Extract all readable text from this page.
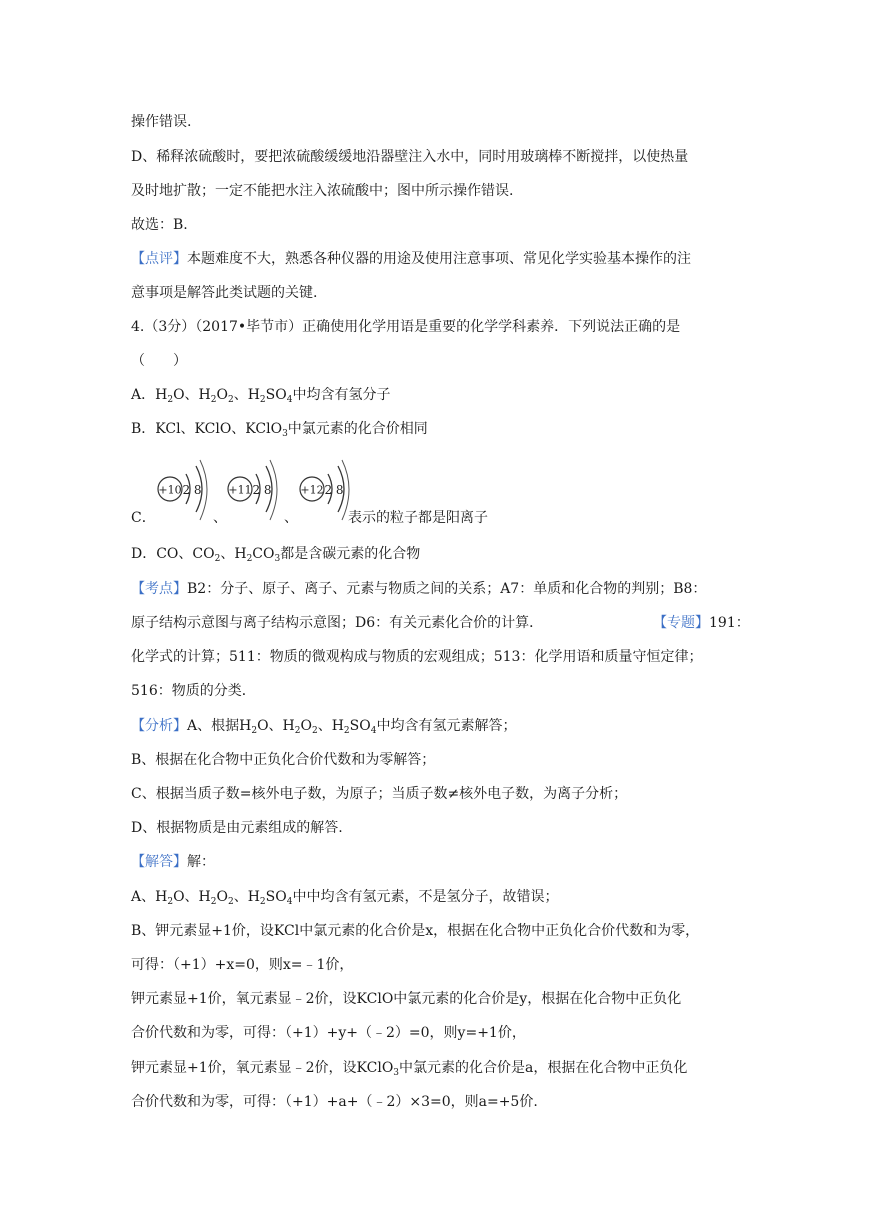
操作错误.
D、稀释浓硫酸时，要把浓硫酸缓缓地沿器壁注入水中，同时用玻璃棒不断搅拌，以使热量
及时地扩散；一定不能把水注入浓硫酸中；图中所示操作错误.
故选：B.
【点评】本题难度不大，熟悉各种仪器的用途及使用注意事项、常见化学实验基本操作的注
意事项是解答此类试题的关键.
4.（3分）（2017•毕节市）正确使用化学用语是重要的化学学科素养．下列说法正确的是
（　　）
A．$H_2O$、$H_2O_2$、$H_2SO_4$中均含有氢分子
B．KCl、KClO、KClO$_3$中氯元素的化合价相同
C．	、	、	表示的粒子都是阳离子
+10 2 8 +11 2 8	+12 2 8
D．CO、$CO_2$、$H_2CO_3$都是含碳元素的化合物
【考点】B2：分子、原子、离子、元素与物质之间的关系；A7：单质和化合物的判别；B8：
原子结构示意图与离子结构示意图；D6：有关元素化合价的计算．	【专题】191：
化学式的计算；511：物质的微观构成与物质的宏观组成；513：化学用语和质量守恒定律；
516：物质的分类．
【分析】A、根据$H_2O$、$H_2O_2$、$H_2SO_4$中均含有氢元素解答；
B、根据在化合物中正负化合价代数和为零解答；
C、根据当质子数=核外电子数，为原子；当质子数≠核外电子数，为离子分析；
D、根据物质是由元素组成的解答.
【解答】解：
A、$H_2O$、$H_2O_2$、$H_2SO_4$中中均含有氢元素，不是氢分子，故错误；
B、钾元素显+1价，设KCl中氯元素的化合价是x，根据在化合物中正负化合价代数和为零，
可得：（+1）+x=0，则x=﹣1价，
钾元素显+1价，氧元素显﹣2价，设KClO中氯元素的化合价是y，根据在化合物中正负化
合价代数和为零，可得：（+1）+y+（﹣2）=0，则y=+1价，
钾元素显+1价，氧元素显﹣2价，设KClO$_3$中氯元素的化合价是a，根据在化合物中正负化
合价代数和为零，可得：（+1）+a+（﹣2）×3=0，则a=+5价.
